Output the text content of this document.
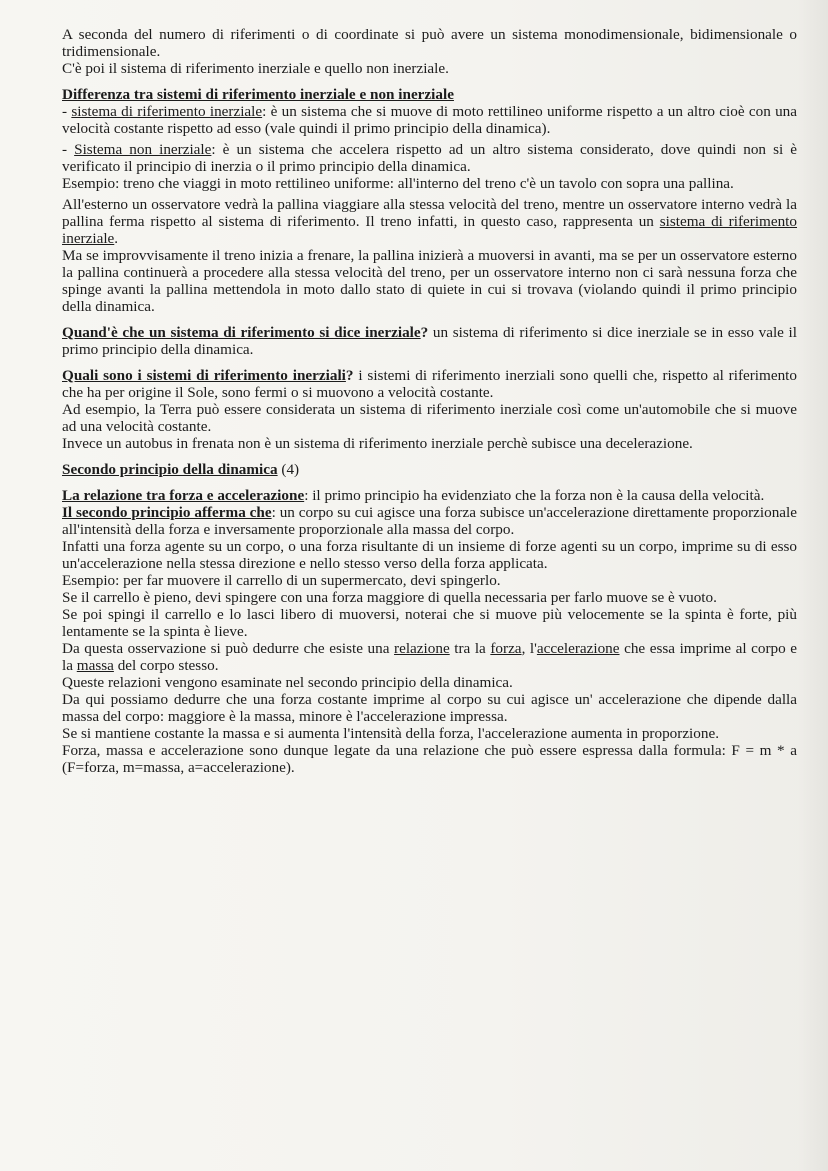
A seconda del numero di riferimenti o di coordinate si può avere un sistema monodimensionale, bidimensionale o tridimensionale.

C'è poi il sistema di riferimento inerziale e quello non inerziale.

Differenza tra sistemi di riferimento inerziale e non inerziale

- sistema di riferimento inerziale: è un sistema che si muove di moto rettilineo uniforme rispetto a un altro cioè con una velocità costante rispetto ad esso (vale quindi il primo principio della dinamica).

- Sistema non inerziale: è un sistema che accelera rispetto ad un altro sistema considerato, dove quindi non si è verificato il principio di inerzia o il primo principio della dinamica.

Esempio: treno che viaggi in moto rettilineo uniforme: all'interno del treno c'è un tavolo con sopra una pallina.

All'esterno un osservatore vedrà la pallina viaggiare alla stessa velocità del treno, mentre un osservatore interno vedrà la pallina ferma rispetto al sistema di riferimento. Il treno infatti, in questo caso, rappresenta un sistema di riferimento inerziale.

Ma se improvvisamente il treno inizia a frenare, la pallina inizierà a muoversi in avanti, ma se per un osservatore esterno la pallina continuerà a procedere alla stessa velocità del treno, per un osservatore interno non ci sarà nessuna forza che spinge avanti la pallina mettendola in moto dallo stato di quiete in cui si trovava (violando quindi il primo principio della dinamica.

Quand'è che un sistema di riferimento si dice inerziale? un sistema di riferimento si dice inerziale se in esso vale il primo principio della dinamica.

Quali sono i sistemi di riferimento inerziali? i sistemi di riferimento inerziali sono quelli che, rispetto al riferimento che ha per origine il Sole, sono fermi o si muovono a velocità costante.

Ad esempio, la Terra può essere considerata un sistema di riferimento inerziale così come un'automobile che si muove ad una velocità costante.

Invece un autobus in frenata non è un sistema di riferimento inerziale perchè subisce una decelerazione.

Secondo principio della dinamica (4)

La relazione tra forza e accelerazione: il primo principio ha evidenziato che la forza non è la causa della velocità.

Il secondo principio afferma che: un corpo su cui agisce una forza subisce un'accelerazione direttamente proporzionale all'intensità della forza e inversamente proporzionale alla massa del corpo.

Infatti una forza agente su un corpo, o una forza risultante di un insieme di forze agenti su un corpo, imprime su di esso un'accelerazione nella stessa direzione e nello stesso verso della forza applicata.

Esempio: per far muovere il carrello di un supermercato, devi spingerlo.

Se il carrello è pieno, devi spingere con una forza maggiore di quella necessaria per farlo muove se è vuoto.

Se poi spingi il carrello e lo lasci libero di muoversi, noterai che si muove più velocemente se la spinta è forte, più lentamente se la spinta è lieve.

Da questa osservazione si può dedurre che esiste una relazione tra la forza, l'accelerazione che essa imprime al corpo e la massa del corpo stesso.

Queste relazioni vengono esaminate nel secondo principio della dinamica.

Da qui possiamo dedurre che una forza costante imprime al corpo su cui agisce un' accelerazione che dipende dalla massa del corpo: maggiore è la massa, minore è l'accelerazione impressa.

Se si mantiene costante la massa e si aumenta l'intensità della forza, l'accelerazione aumenta in proporzione.

Forza, massa e accelerazione sono dunque legate da una relazione che può essere espressa dalla formula: F = m * a (F=forza, m=massa, a=accelerazione).
